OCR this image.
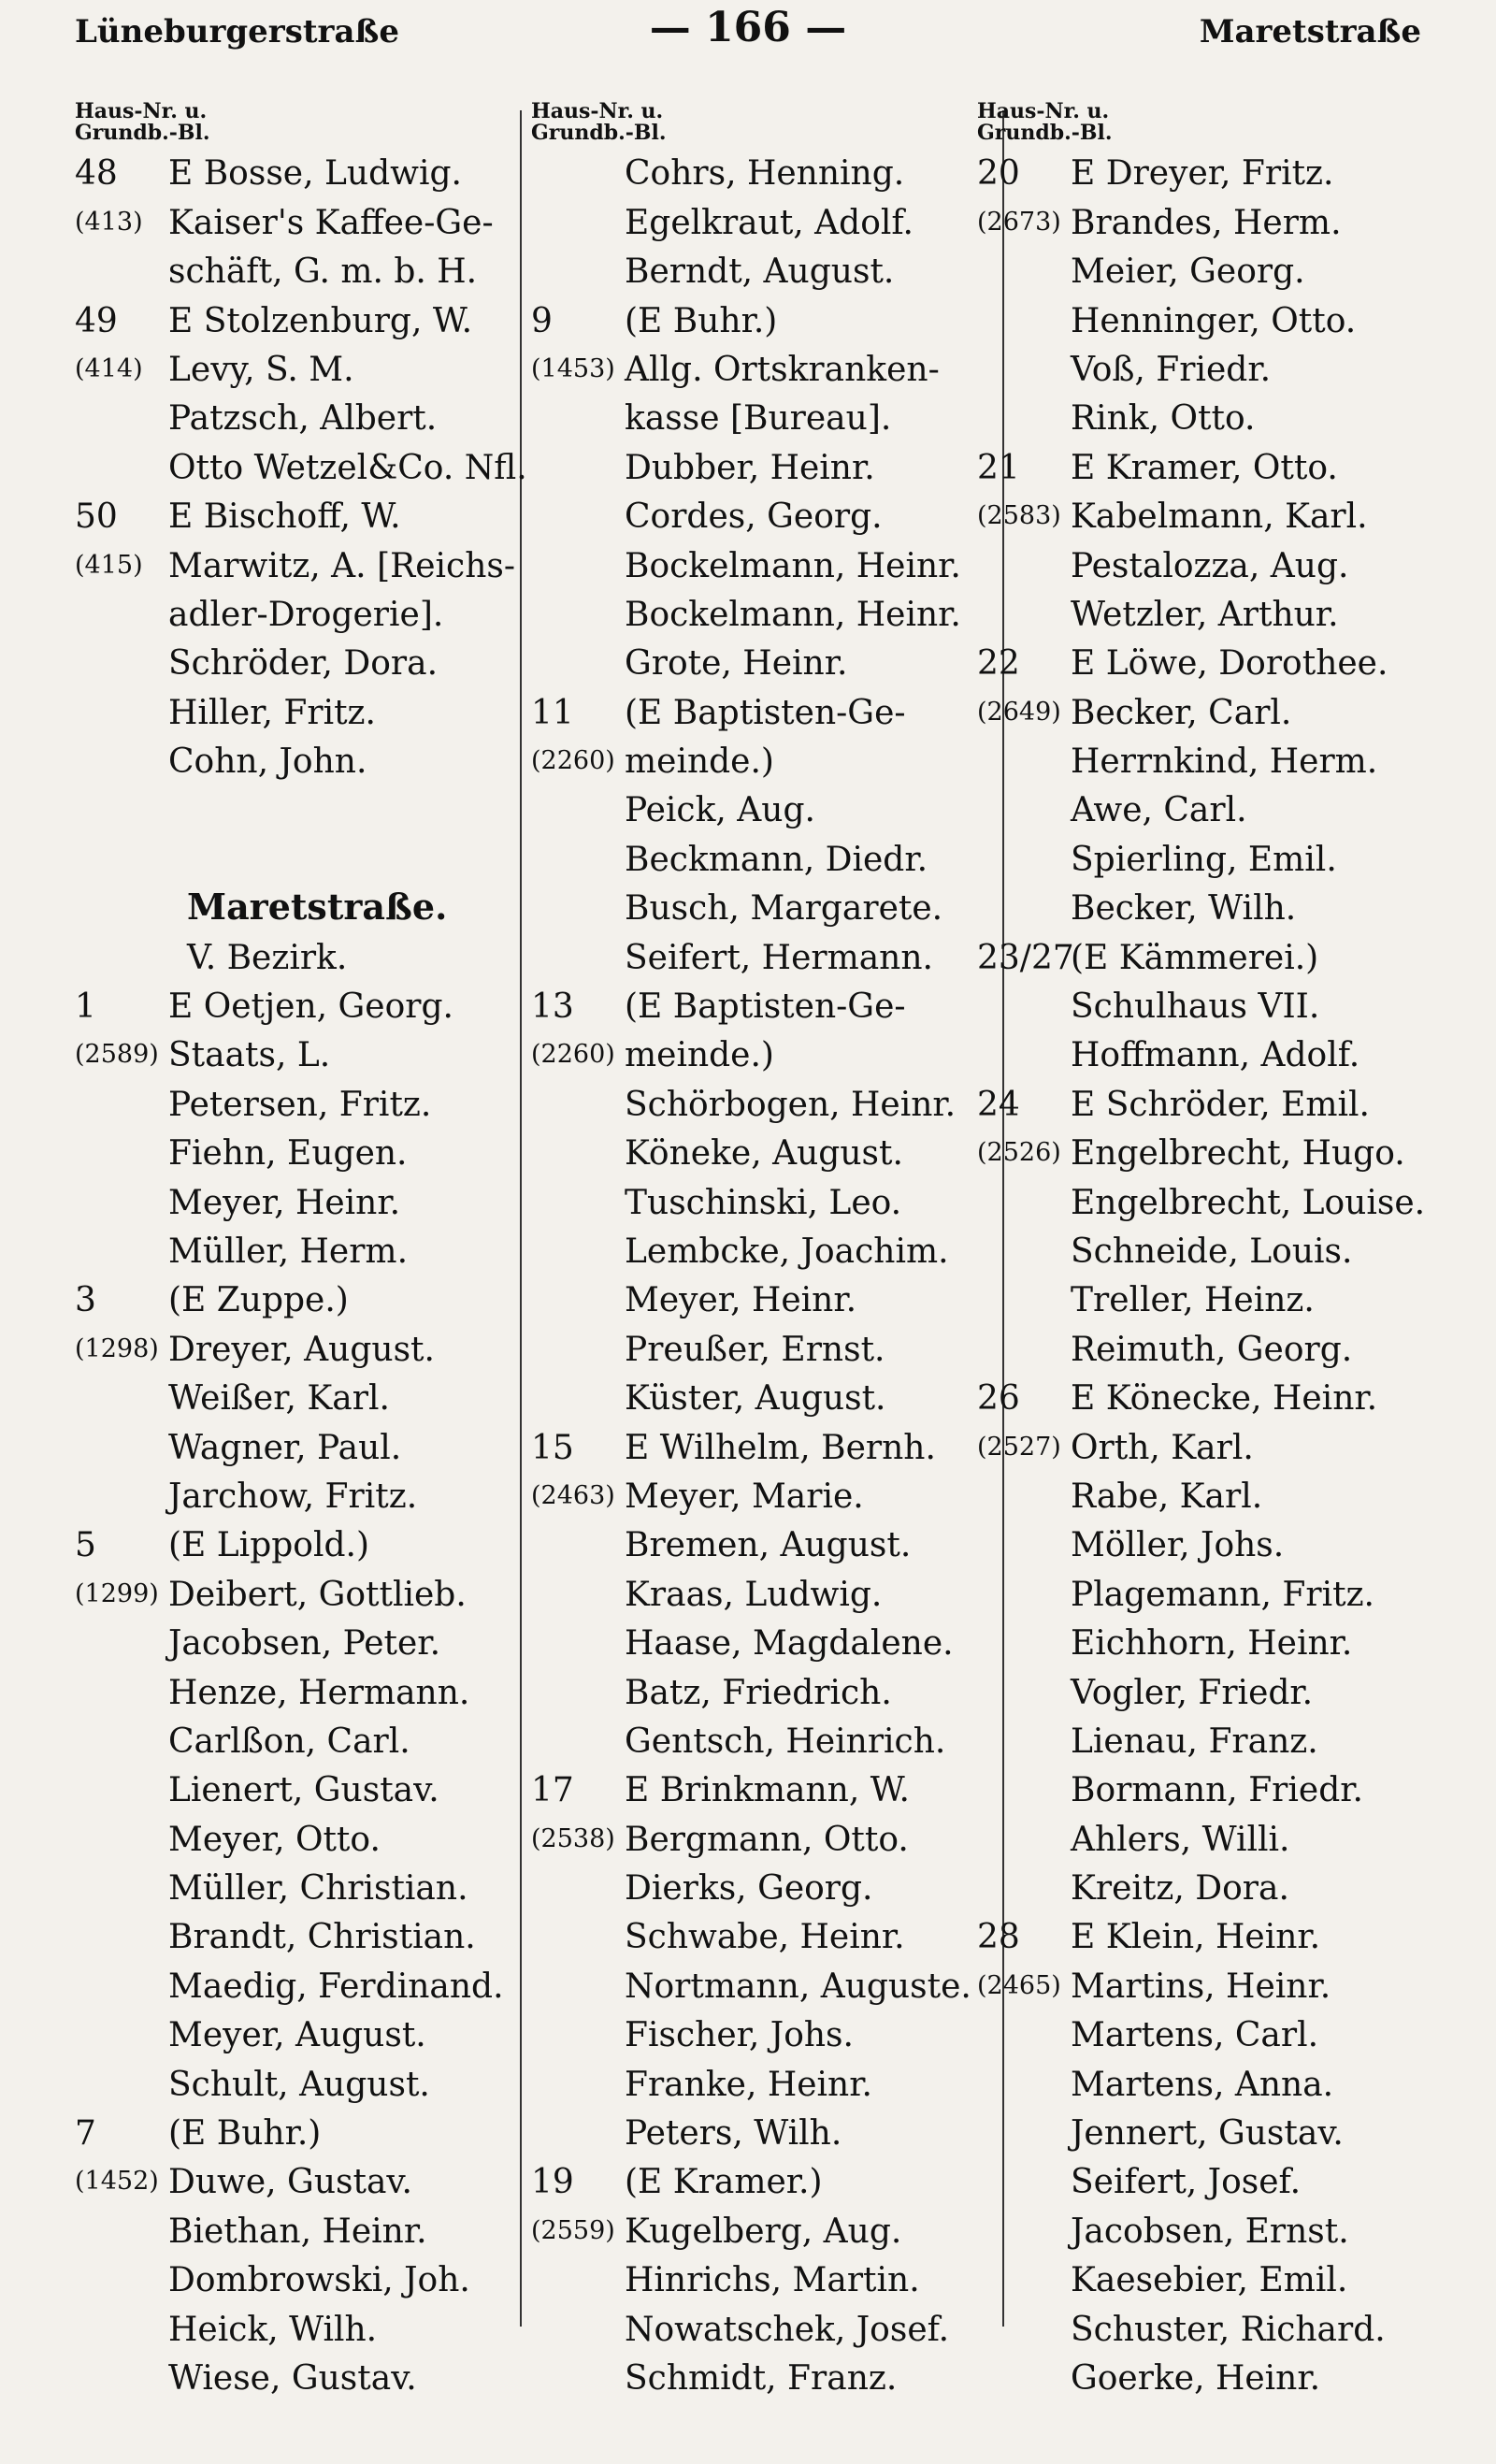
Lüneburgerstraße	— 166 —	Maretstraße
Haus-Nr. u.
Grundb.-Bl.
48 E Bosse, Ludwig.
(413) Kaiser's Kaffee-Ge-
schäft, G. m. b. H.
49 E Stolzenburg, W.
(414) Levy, S. M.
Patzsch, Albert.
Otto Wetzel&Co. Nfl.
50 E Bischoff, W.
(415) Marwitz, A. [Reichs-
adler-Drogerie].
Schröder, Dora.
Hiller, Fritz.
Cohn, John.
Maretstraße.
V. Bezirk.
1 E Oetjen, Georg.
(2589) Staats, L.
Petersen, Fritz.
Fiehn, Eugen.
Meyer, Heinr.
Müller, Herm.
3 (E Zuppe.)
(1298) Dreyer, August.
Weißer, Karl.
Wagner, Paul.
Jarchow, Fritz.
5 (E Lippold.)
(1299) Deibert, Gottlieb.
Jacobsen, Peter.
Henze, Hermann.
Carlßon, Carl.
Lienert, Gustav.
Meyer, Otto.
Müller, Christian.
Brandt, Christian.
Maedig, Ferdinand.
Meyer, August.
Schult, August.
7 (E Buhr.)
(1452) Duwe, Gustav.
Biethan, Heinr.
Dombrowski, Joh.
Heick, Wilh.
Wiese, Gustav.
Haus-Nr. u.
Grundb.-Bl.
Cohrs, Henning.
Egelkraut, Adolf.
Berndt, August.
9 (E Buhr.)
(1453) Allg. Ortskranken-
kasse [Bureau].
Dubber, Heinr.
Cordes, Georg.
Bockelmann, Heinr.
Bockelmann, Heinr.
Grote, Heinr.
11 (E Baptisten-Ge-
(2260) meinde.)
Peick, Aug.
Beckmann, Diedr.
Busch, Margarete.
Seifert, Hermann.
13 (E Baptisten-Ge-
(2260) meinde.)
Schörbogen, Heinr.
Köneke, August.
Tuschinski, Leo.
Lembcke, Joachim.
Meyer, Heinr.
Preußer, Ernst.
Küster, August.
15 E Wilhelm, Bernh.
(2463) Meyer, Marie.
Bremen, August.
Kraas, Ludwig.
Haase, Magdalene.
Batz, Friedrich.
Gentsch, Heinrich.
17 E Brinkmann, W.
(2538) Bergmann, Otto.
Dierks, Georg.
Schwabe, Heinr.
Nortmann, Auguste.
Fischer, Johs.
Franke, Heinr.
Peters, Wilh.
19 (E Kramer.)
(2559) Kugelberg, Aug.
Hinrichs, Martin.
Nowatschek, Josef.
Schmidt, Franz.
Haus-Nr. u.
Grundb.-Bl.
20 E Dreyer, Fritz.
(2673) Brandes, Herm.
Meier, Georg.
Henninger, Otto.
Voß, Friedr.
Rink, Otto.
21 E Kramer, Otto.
(2583) Kabelmann, Karl.
Pestalozza, Aug.
Wetzler, Arthur.
22 E Löwe, Dorothee.
(2649) Becker, Carl.
Herrnkind, Herm.
Awe, Carl.
Spierling, Emil.
Becker, Wilh.
23/27
(E Kämmerei.)
Schulhaus VII.
Hoffmann, Adolf.
24 E Schröder, Emil.
(2526) Engelbrecht, Hugo.
Engelbrecht, Louise.
Schneide, Louis.
Treller, Heinz.
Reimuth, Georg.
26 E Könecke, Heinr.
(2527) Orth, Karl.
Rabe, Karl.
Möller, Johs.
Plagemann, Fritz.
Eichhorn, Heinr.
Vogler, Friedr.
Lienau, Franz.
Bormann, Friedr.
Ahlers, Willi.
Kreitz, Dora.
28 E Klein, Heinr.
(2465) Martins, Heinr.
Martens, Carl.
Martens, Anna.
Jennert, Gustav.
Seifert, Josef.
Jacobsen, Ernst.
Kaesebier, Emil.
Schuster, Richard.
Goerke, Heinr.
